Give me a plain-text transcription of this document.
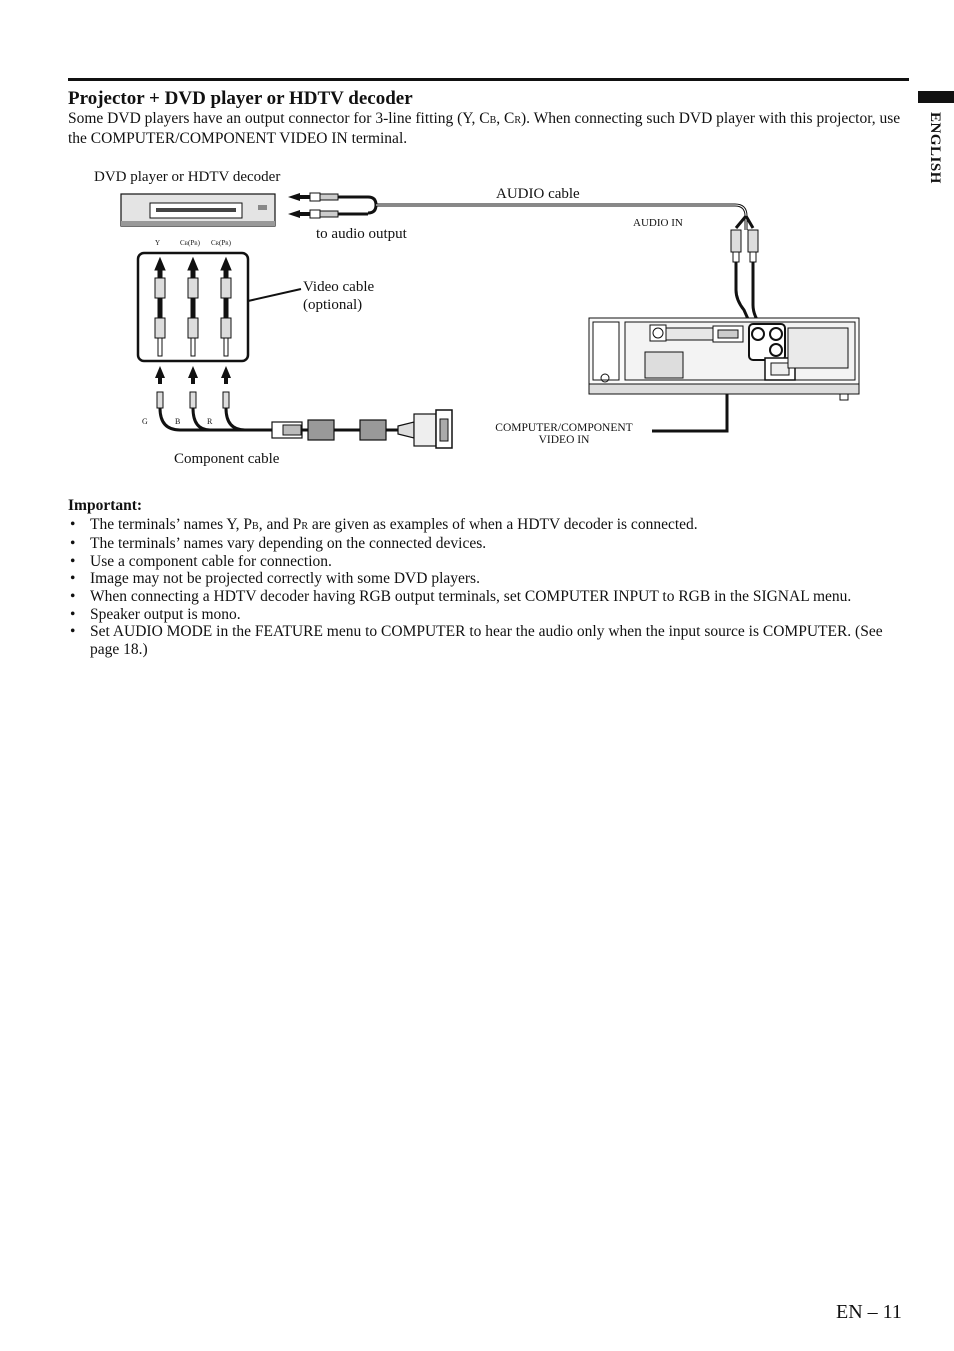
ENGLISH
Projector + DVD player or HDTV decoder

Some DVD players have an output connector for 3-line fitting (Y, CB, CR). When connecting such DVD player with this projector, use the COMPUTER/COMPONENT VIDEO IN terminal.

DVD player or HDTV decoder
Y	CB(PB) CR(PR)
AUDIO cable
AUDIO IN
to audio output
Video cable
(optional)
G	B	R
Component cable
COMPUTER/COMPONENT
VIDEO IN
Important:
• The terminals’ names Y, PB, and PR are given as examples of when a HDTV decoder is connected.
• The terminals’ names vary depending on the connected devices.
• Use a component cable for connection.
• Image may not be projected correctly with some DVD players.
• When connecting a HDTV decoder having RGB output terminals, set COMPUTER INPUT to RGB in the SIGNAL menu.
• Speaker output is mono.
• Set AUDIO MODE in the FEATURE menu to COMPUTER to hear the audio only when the input source is COMPUTER. (See page 18.)
EN – 11
